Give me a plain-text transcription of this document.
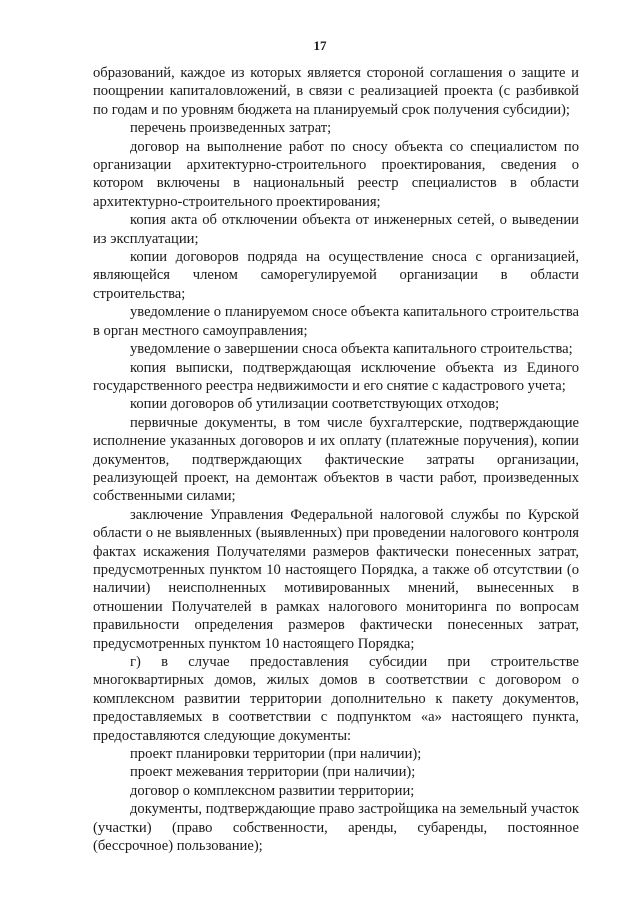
17

образований, каждое из которых является стороной соглашения о защите и поощрении капиталовложений, в связи с реализацией проекта (с разбивкой по годам и по уровням бюджета на планируемый срок получения субсидии);

перечень произведенных затрат;

договор на выполнение работ по сносу объекта со специалистом по организации архитектурно-строительного проектирования, сведения о котором включены в национальный реестр специалистов в области архитектурно-строительного проектирования;

копия акта об отключении объекта от инженерных сетей, о выведении из эксплуатации;

копии договоров подряда на осуществление сноса с организацией, являющейся членом саморегулируемой организации в области строительства;

уведомление о планируемом сносе объекта капитального строительства в орган местного самоуправления;

уведомление о завершении сноса объекта капитального строительства;

копия выписки, подтверждающая исключение объекта из Единого государственного реестра недвижимости и его снятие с кадастрового учета;

копии договоров об утилизации соответствующих отходов;

первичные документы, в том числе бухгалтерские, подтверждающие исполнение указанных договоров и их оплату (платежные поручения), копии документов, подтверждающих фактические затраты организации, реализующей проект, на демонтаж объектов в части работ, произведенных собственными силами;

заключение Управления Федеральной налоговой службы по Курской области о не выявленных (выявленных) при проведении налогового контроля фактах искажения Получателями размеров фактически понесенных затрат, предусмотренных пунктом 10 настоящего Порядка, а также об отсутствии (о наличии) неисполненных мотивированных мнений, вынесенных в отношении Получателей в рамках налогового мониторинга по вопросам правильности определения размеров фактически понесенных затрат, предусмотренных пунктом 10 настоящего Порядка;

г) в случае предоставления субсидии при строительстве многоквартирных домов, жилых домов в соответствии с договором о комплексном развитии территории дополнительно к пакету документов, предоставляемых в соответствии с подпунктом «а» настоящего пункта, предоставляются следующие документы:

проект планировки территории (при наличии);

проект межевания территории (при наличии);

договор о комплексном развитии территории;

документы, подтверждающие право застройщика на земельный участок (участки) (право собственности, аренды, субаренды, постоянное (бессрочное) пользование);
